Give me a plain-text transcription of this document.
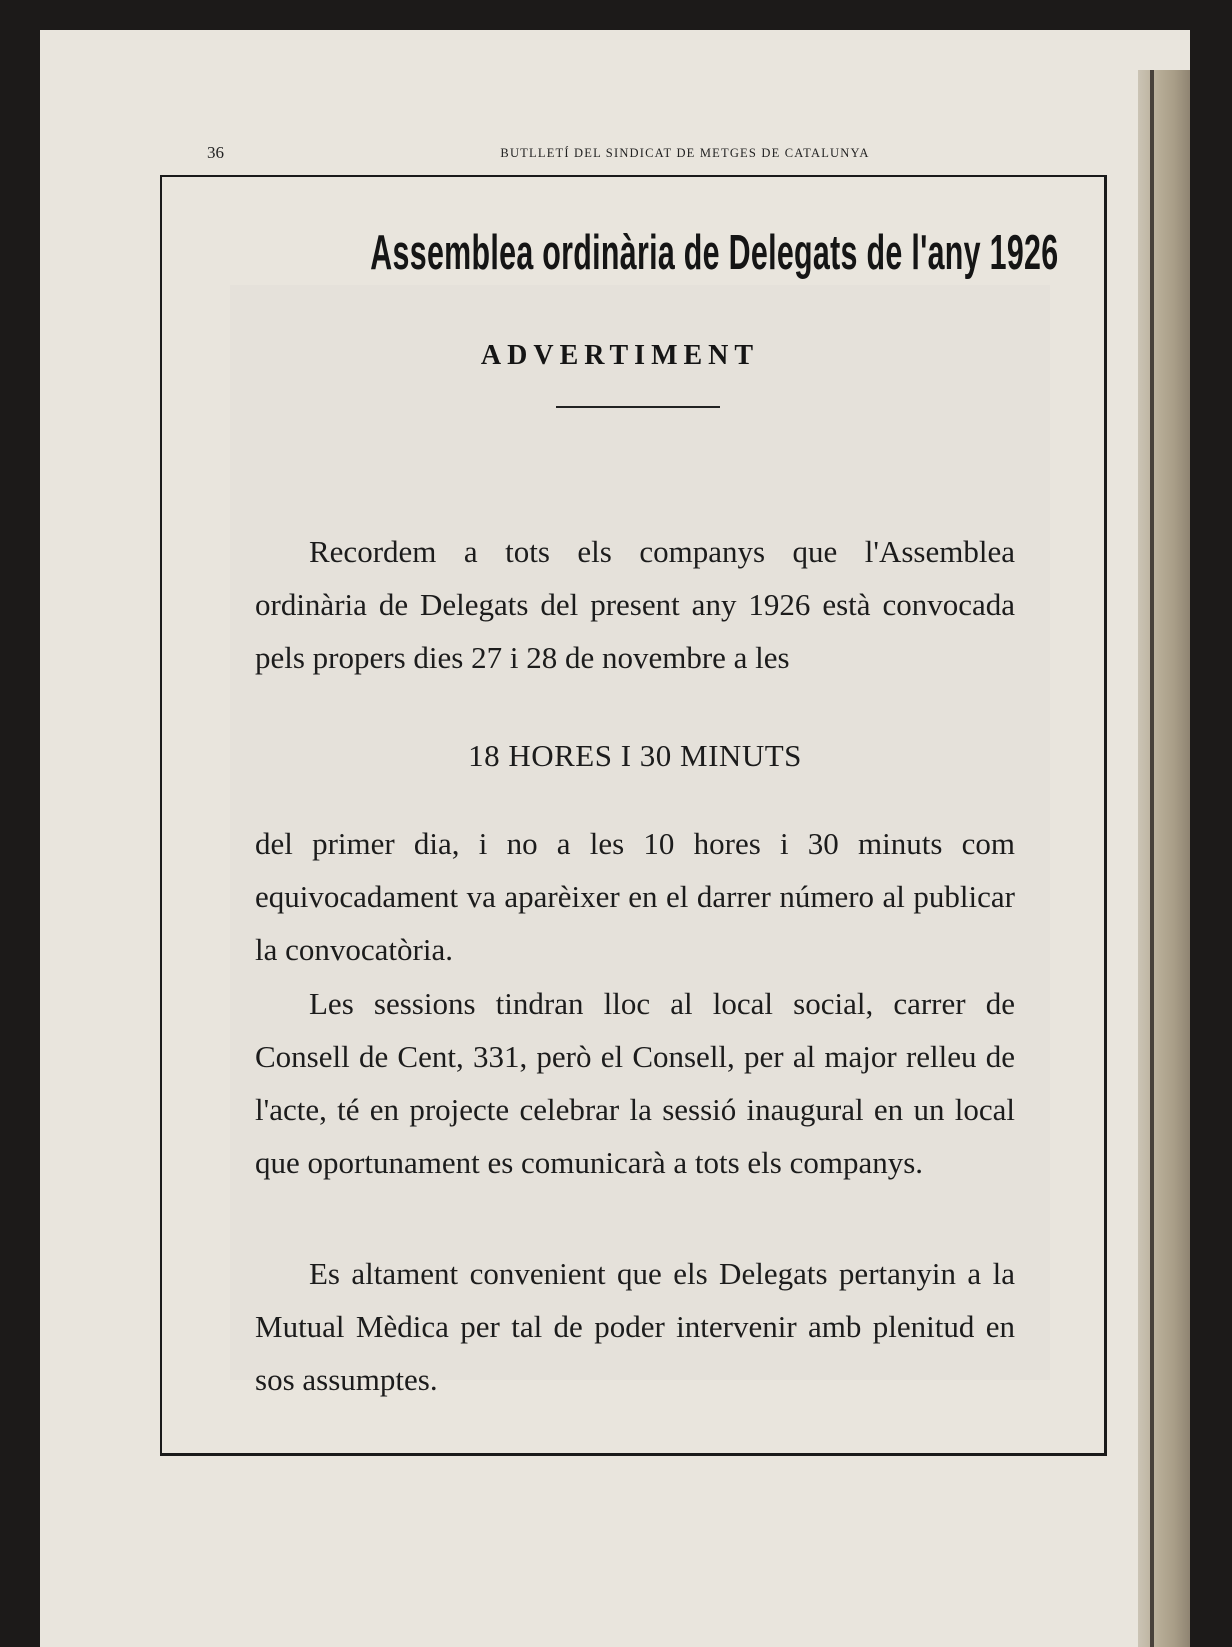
36	BUTLLETÍ DEL SINDICAT DE METGES DE CATALUNYA
Assemblea ordinària de Delegats de l'any 1926
ADVERTIMENT

Recordem a tots els companys que l'Assemblea ordinària de Delegats del present any 1926 està convocada pels propers dies 27 i 28 de novembre a les

18 HORES I 30 MINUTS

del primer dia, i no a les 10 hores i 30 minuts com equivocadament va aparèixer en el darrer número al publicar la convocatòria.

Les sessions tindran lloc al local social, carrer de Consell de Cent, 331, però el Consell, per al major relleu de l'acte, té en projecte celebrar la sessió inaugural en un local que oportunament es comunicarà a tots els companys.

Es altament convenient que els Delegats pertanyin a la Mutual Mèdica per tal de poder intervenir amb plenitud en sos assumptes.
